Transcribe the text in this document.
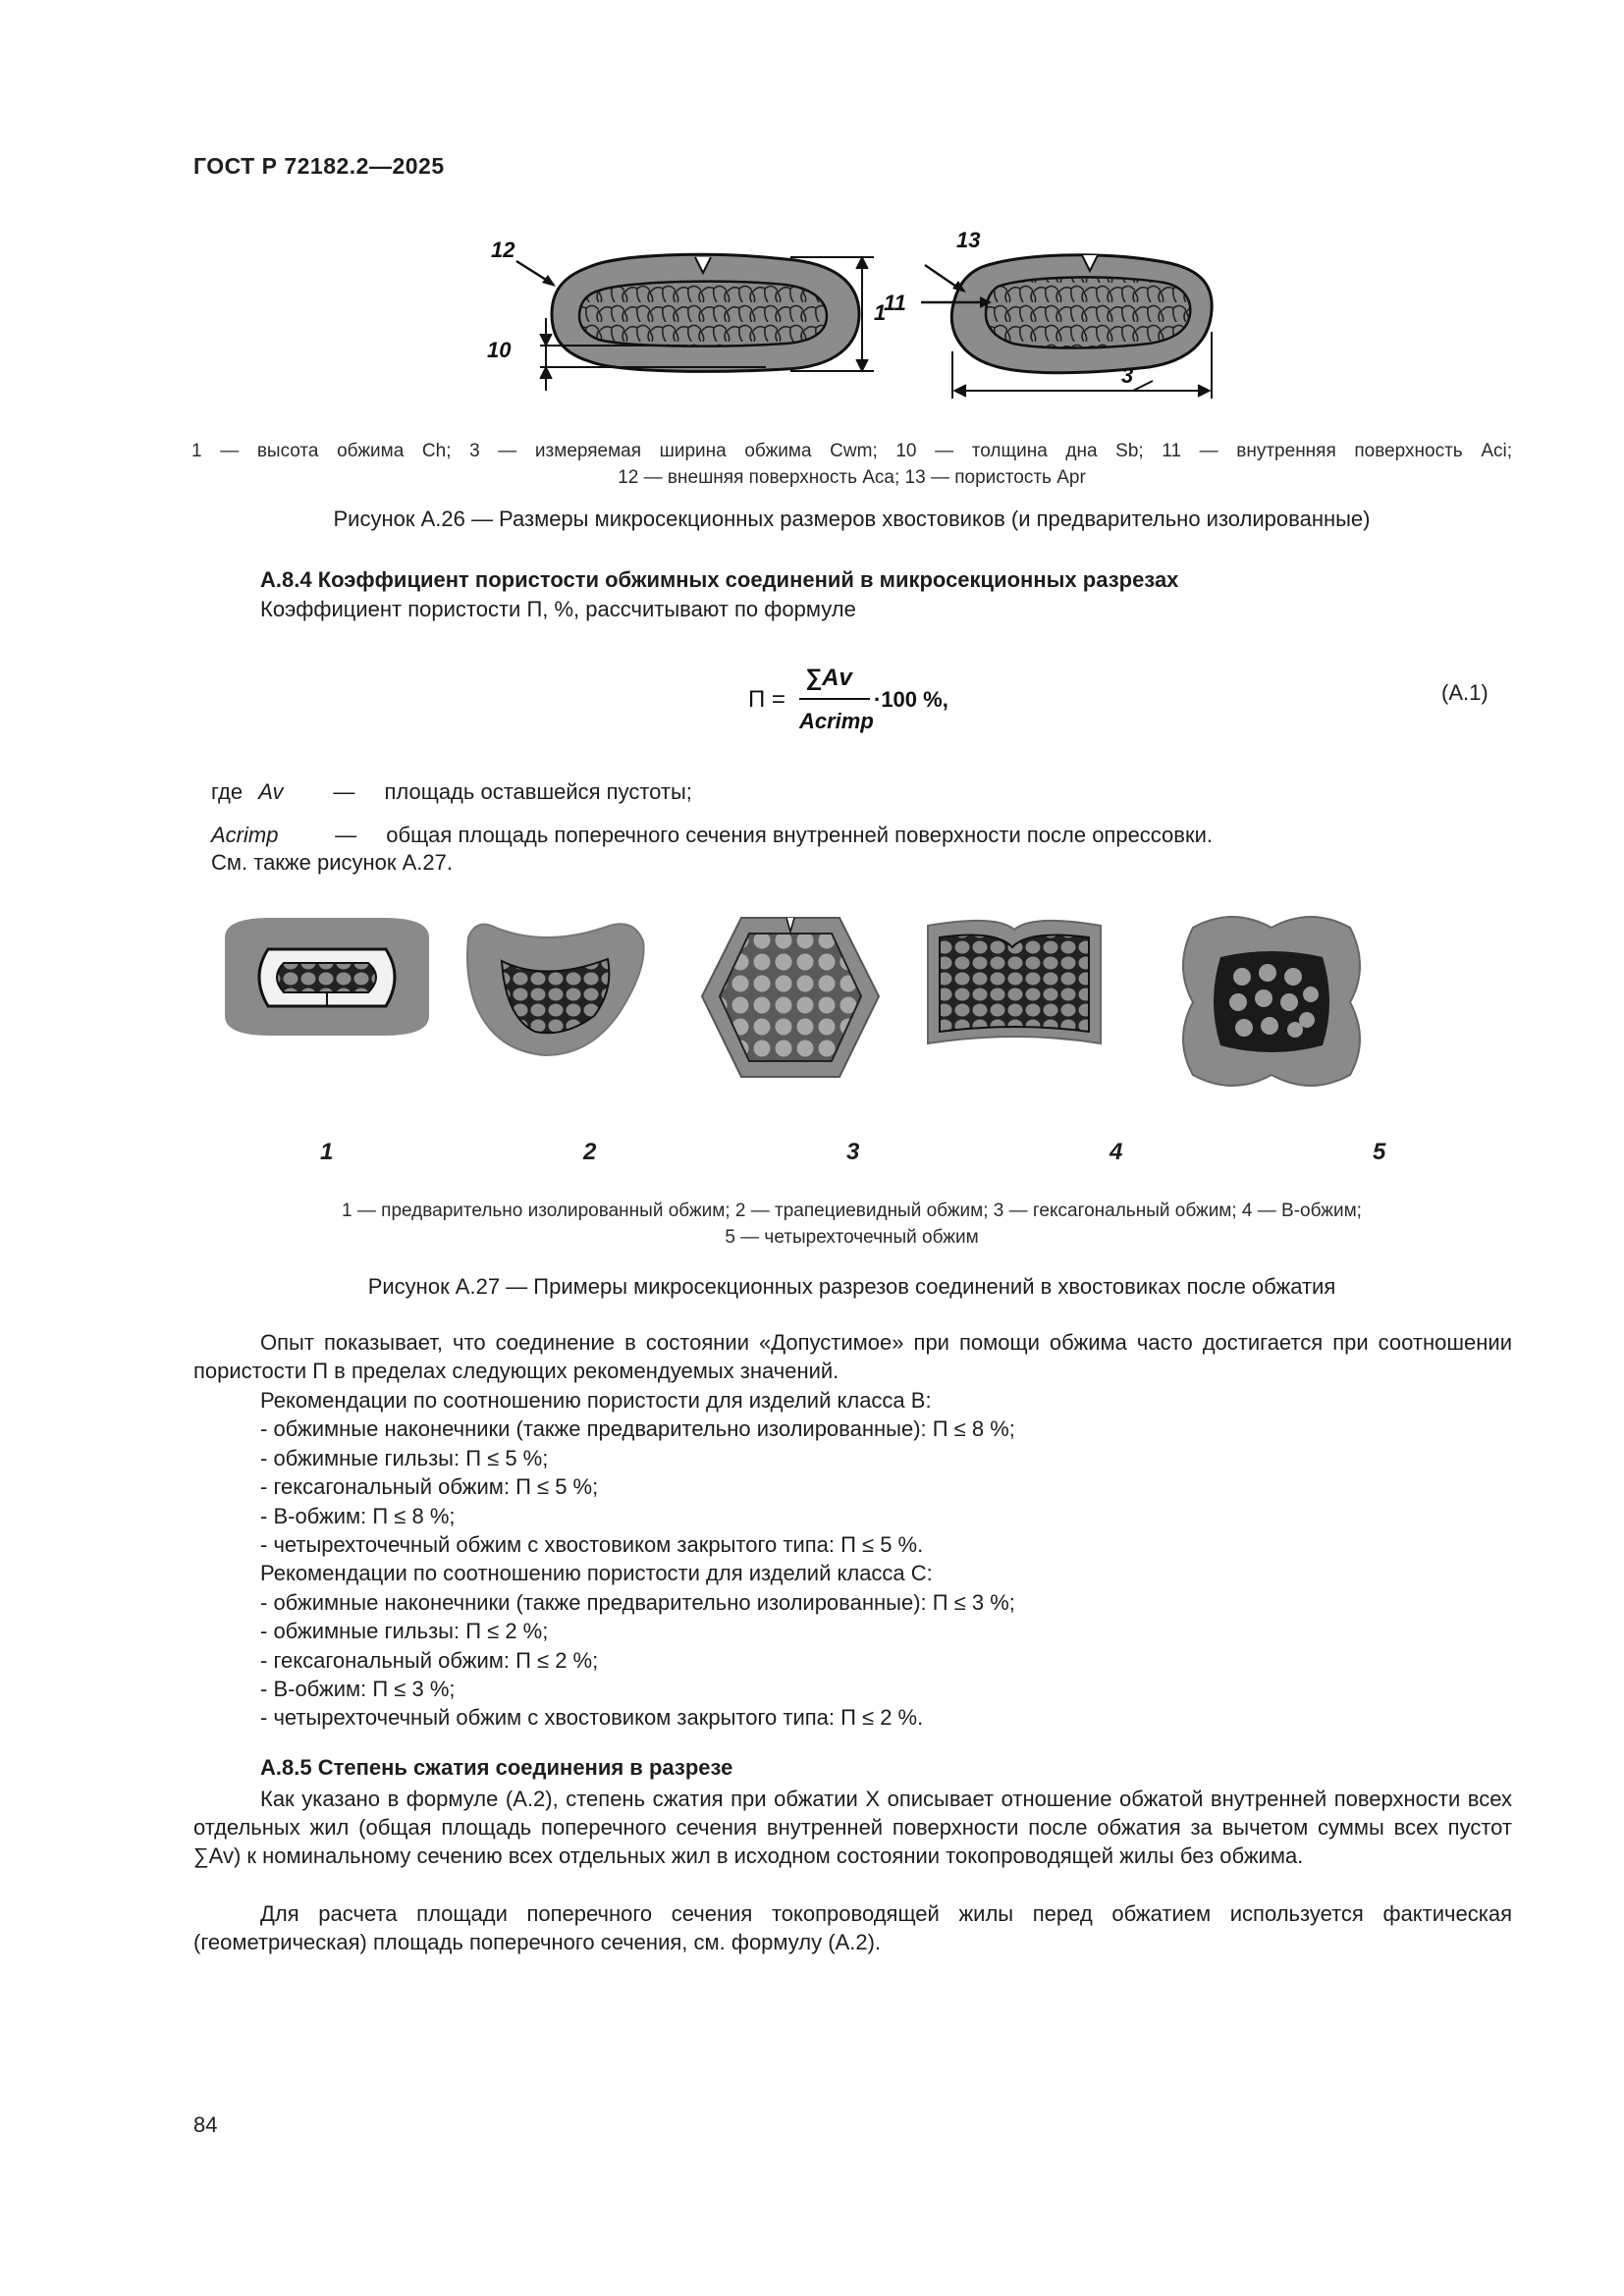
ГОСТ Р 72182.2—2025
12
1
10
13
11
3
1 — высота обжима Ch; 3 — измеряемая ширина обжима Cwm; 10 — толщина дна Sb; 11 — внутренняя поверхность Aci;
12 — внешняя поверхность Aca; 13 — пористость Apr
Рисунок А.26 — Размеры микросекционных размеров хвостовиков (и предварительно изолированные)
А.8.4 Коэффициент пористости обжимных соединений в микросекционных разрезах
Коэффициент пористости П, %, рассчитывают по формуле
П =
∑Av
Acrimp
·100 %,	(А.1)
где Av — площадь оставшейся пустоты;
Acrimp	— общая площадь поперечного сечения внутренней поверхности после опрессовки.
См. также рисунок А.27.
1	2	3	4	5
1 — предварительно изолированный обжим; 2 — трапециевидный обжим; 3 — гексагональный обжим; 4 — В-обжим;
5 — четырехточечный обжим
Рисунок А.27 — Примеры микросекционных разрезов соединений в хвостовиках после обжатия

Опыт показывает, что соединение в состоянии «Допустимое» при помощи обжима часто достигается при соотношении пористости П в пределах следующих рекомендуемых значений.

Рекомендации по соотношению пористости для изделий класса В:

- обжимные наконечники (также предварительно изолированные): П ≤ 8 %;

- обжимные гильзы: П ≤ 5 %;

- гексагональный обжим: П ≤ 5 %;

- В-обжим: П ≤ 8 %;

- четырехточечный обжим с хвостовиком закрытого типа: П ≤ 5 %.

Рекомендации по соотношению пористости для изделий класса С:

- обжимные наконечники (также предварительно изолированные): П ≤ 3 %;

- обжимные гильзы: П ≤ 2 %;

- гексагональный обжим: П ≤ 2 %;

- В-обжим: П ≤ 3 %;

- четырехточечный обжим с хвостовиком закрытого типа: П ≤ 2 %.

А.8.5 Степень сжатия соединения в разрезе

Как указано в формуле (А.2), степень сжатия при обжатии X описывает отношение обжатой внутренней поверхности всех отдельных жил (общая площадь поперечного сечения внутренней поверхности после обжатия за вычетом суммы всех пустот ∑Av) к номинальному сечению всех отдельных жил в исходном состоянии токопроводящей жилы без обжима.

Для расчета площади поперечного сечения токопроводящей жилы перед обжатием используется фактическая (геометрическая) площадь поперечного сечения, см. формулу (А.2).

84
